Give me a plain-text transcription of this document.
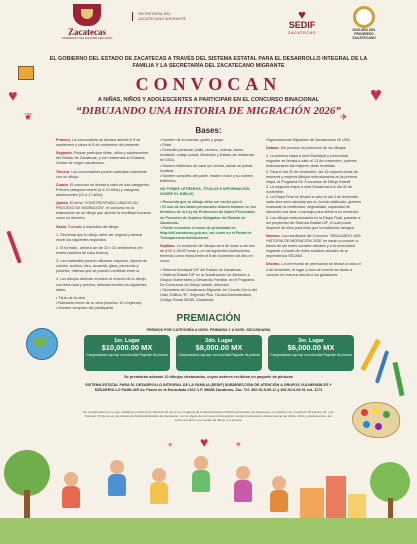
Zacatecas
GOBIERNO DEL ESTADO 2021-2027
SECRETARÍA DEL ZACATECANO MIGRANTE	♥
SEDIF
ZACATECAS	2026 AÑO DEL PROGRESO ZACATECANO
EL GOBIERNO DEL ESTADO DE ZACATECAS A TRAVÉS DEL SISTEMA ESTATAL PARA EL DESARROLLO INTEGRAL DE LA FAMILIA Y LA SECRETARÍA DEL ZACATECANO MIGRANTE
♥	♥
❦	✈
CONVOCAN
A NIÑAS, NIÑOS Y ADOLESCENTES A PARTICIPAR EN EL CONCURSO BINACIONAL
“DIBUJANDO UNA HISTORIA DE MIGRACIÓN 2026”
Bases:

Primero. La convocatoria se declara abierta el 9 de septiembre y cierra el 8 de noviembre del presente.

Segundo. Podrán participar niñas, niños y adolescentes del Estado de Zacatecas, y con residencia en Estados Unidos de origen zacatecano.

Tercero. Los concursantes podrán participar solamente con un dibujo.

Cuarto. El concurso se llevará a cabo en dos categorías: Primera categoría infantil (6 a 12 años) y categoría adolescentes (13 a 17 años).

Quinto. El tema “CONSTRUYENDO UNIDOS UN PROCESO DE MIGRACIÓN”, el concurso es la elaboración de un dibujo que aborde la movilidad humana como un derecho.

Sexto. Formato y requisitos del dibujo:

1. Recuerda que tu dibujo debe ser original y deberá reunir los siguientes requisitos.

2. El formato - deberá ser de 32 x 32 centímetros (en media cartulina de color blanco).

3. Los materiales podrán utilizarse crayones, lápices de colores, acrílico, óleo, acuarela, gises, plumones y pinceles, mismos que se pueden combinar entre sí.

4. Los dibujos deberán enviarse al reverso de tu dibujo, con letra clara y precisa, deberás escribir los siguientes datos:

• Título de la obra
• Narración breve de su obra (máximo 10 renglones)
• Nombre completo del participante
• Nombre de tu escuela, grado y grupo.
• Edad.
• Domicilio particular (calle, número, colonia, barrio, localidad, código postal, Municipio y Estado de residencia en USA).
• Número telefónico de casa y/o celular, donde se pueda localizar.

• Nombre completo del padre, madre o tutor y su número telefónico.

NO PONER LETREROS, TÍTULOS E INFORMACIÓN SOBRE EL DIBUJO

• Recuerda que tu dibujo debe ser hecho por ti.
• El uso de tus datos personales deberá tratarse en los términos de la Ley de Protección de Datos Personales en Posesión de Sujetos Obligados del Estado de Zacatecas.

• Puede consultar el aviso de privacidad en http://dif.zacatecas.gob.mx, así como en el Portal de Transparencia Institucional.

Séptimo. La recepción de dibujos será de lunes a viernes de 8:00 a 15:00 horas y, en los siguientes Instituciones, teniendo como fecha límite el 8 de noviembre del año en curso:

• Sistema Municipal DIF del Estado de Zacatecas.
• Sistema Estatal DIF en la Subdirección de Atención a Grupos Vulnerables y Desarrollo Familiar, en el Programa De Concursos de Dibujo Infantil, dirección:
• Secretaría del Zacatecano Migrante, en Circuito Cerro del Gato, Edificio “B”, Segundo Piso, Ciudad Administrativa, Código Postal 98160, Zacatecas.

Organizaciones Migrantes de Zacatecanos en USA.

Octavo. Del proceso de selección de los dibujos:

1. La primera etapa a nivel Municipal y comunidad migrante se llevará a cabo el 13 de noviembre, quienes seleccionarán las mejores obras recibidas.
2. Para el día 20 de noviembre, las 10 mejores obras de menores y mejores dibujos seleccionados en la primera etapa, al Programa De Concursos de Dibujo Infantil.
3. La segunda etapa a nivel Estatal será el día 30 de noviembre.
4. La Etapa Final se llevará a cabo el día 3 de diciembre, cada obra será valorada por un Jurado calificado, quienes evaluarán la creatividad, originalidad, capacidad de transmitir una idea o mensaje para definir a su vendedor.

5. Los dibujos seleccionados en la Etapa Final, pasarán a ser propiedad del Sistema Estatal DIF, el cual podrá disponer de ellos para fines que la Institución designe.

Noveno. Los resultados del Concurso “DIBUJANDO UNA HISTORIA DE MIGRACIÓN 2026” se darán a conocer a través de las redes sociales oficiales y a la comunidad migrante a través de redes sociales oficiales de la dependencia SEZAMI.

Décimo. La ceremonia de premiación se llevará a cabo el 4 de diciembre, el lugar y hora del evento se darán a conocer de manera directa a los ganadores.

PREMIACIÓN
PREMIOS POR CATEGORÍA A NIVEL PRIMARIA Y A NIVEL SECUNDARIA
1er. Lugar
$10,000.00 MX
Computadora Lap-top con mochila Paquete de pintura
2do. Lugar
$8,000.00 MX
Computadora Lap-top con mochila Paquete de pintura
3er. Lugar
$6,000.00 MX
Computadora Lap-top con mochila Paquete de pintura
Se premiarán además 10 dibujos destacados, cuyos autores recibirán un paquete de pinturas
SISTEMA ESTATAL PARA EL DESARROLLO INTEGRAL DE LA FAMILIA (SEDIF) SUBDIRECCIÓN DE ATENCIÓN A GRUPOS VULNERABLES Y DESARROLLO FAMILIAR Av. Paseo de la Encantada #102 C.P. 98088 Zacatecas, Zac. Tel: 492-92-5-69-11 y 492-92-5-69-01 ext. 1173
De conformidad con lo que establece el artículo 5, fracción VII de la Ley Orgánica de la Administración Pública del Estado de Zacatecas, en relación con el artículo 18 fracción XI, y 21 fracción XIII de la Ley de Asistencia Social del Estado de Zacatecas, con el objeto de promover la integración social, profesional e intelectual de las niñas, niños y adolescentes, así como la cultura, por medio del dibujo y la pintura.
♥
♥	♥
